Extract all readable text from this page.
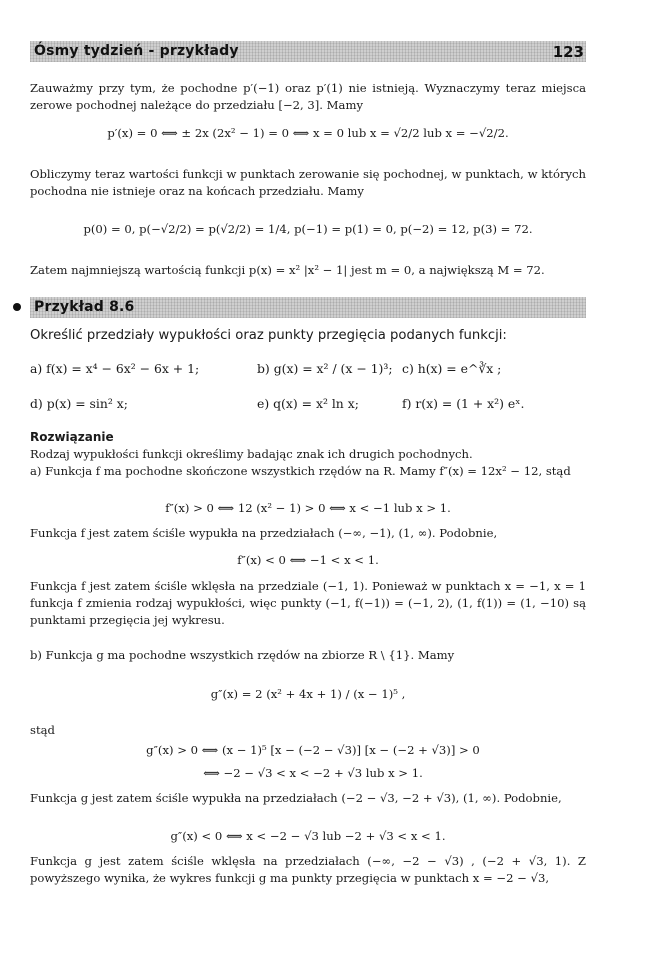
Ósmy tydzień - przykłady	123

Zauważmy przy tym, że pochodne p′(−1) oraz p′(1) nie istnieją. Wyznaczymy teraz miejsca zerowe pochodnej należące do przedziału [−2, 3]. Mamy

p′(x) = 0 ⟺ ± 2x (2x² − 1) = 0 ⟺ x = 0 lub x = √2/2 lub x = −√2/2.

Obliczymy teraz wartości funkcji w punktach zerowanie się pochodnej, w punktach, w których pochodna nie istnieje oraz na końcach przedziału. Mamy

p(0) = 0, p(−√2/2) = p(√2/2) = 1/4, p(−1) = p(1) = 0, p(−2) = 12, p(3) = 72.

Zatem najmniejszą wartością funkcji p(x) = x² |x² − 1| jest m = 0, a największą M = 72.

Przykład 8.6

Określić przedziały wypukłości oraz punkty przegięcia podanych funkcji:

a) f(x) = x⁴ − 6x² − 6x + 1;	b) g(x) = x² / (x − 1)³; c) h(x) = e^∛x ;

d) p(x) = sin² x;	e) q(x) = x² ln x;	f) r(x) = (1 + x²) eˣ.

Rozwiązanie

Rodzaj wypukłości funkcji określimy badając znak ich drugich pochodnych.

a) Funkcja f ma pochodne skończone wszystkich rzędów na R. Mamy f″(x) = 12x² − 12, stąd

f″(x) > 0 ⟺ 12 (x² − 1) > 0 ⟺ x < −1 lub x > 1.

Funkcja f jest zatem ściśle wypukła na przedziałach (−∞, −1), (1, ∞). Podobnie,

f″(x) < 0 ⟺ −1 < x < 1.

Funkcja f jest zatem ściśle wklęsła na przedziale (−1, 1). Ponieważ w punktach x = −1, x = 1 funkcja f zmienia rodzaj wypukłości, więc punkty (−1, f(−1)) = (−1, 2), (1, f(1)) = (1, −10) są punktami przegięcia jej wykresu.

b) Funkcja g ma pochodne wszystkich rzędów na zbiorze R \ {1}. Mamy

g″(x) = 2 (x² + 4x + 1) / (x − 1)⁵ ,

stąd

g″(x) > 0 ⟺ (x − 1)⁵ [x − (−2 − √3)] [x − (−2 + √3)] > 0

⟺ −2 − √3 < x < −2 + √3 lub x > 1.

Funkcja g jest zatem ściśle wypukła na przedziałach (−2 − √3, −2 + √3), (1, ∞). Podobnie,

g″(x) < 0 ⟺ x < −2 − √3 lub −2 + √3 < x < 1.

Funkcja g jest zatem ściśle wklęsła na przedziałach (−∞, −2 − √3) , (−2 + √3, 1). Z powyższego wynika, że wykres funkcji g ma punkty przegięcia w punktach x = −2 − √3,
